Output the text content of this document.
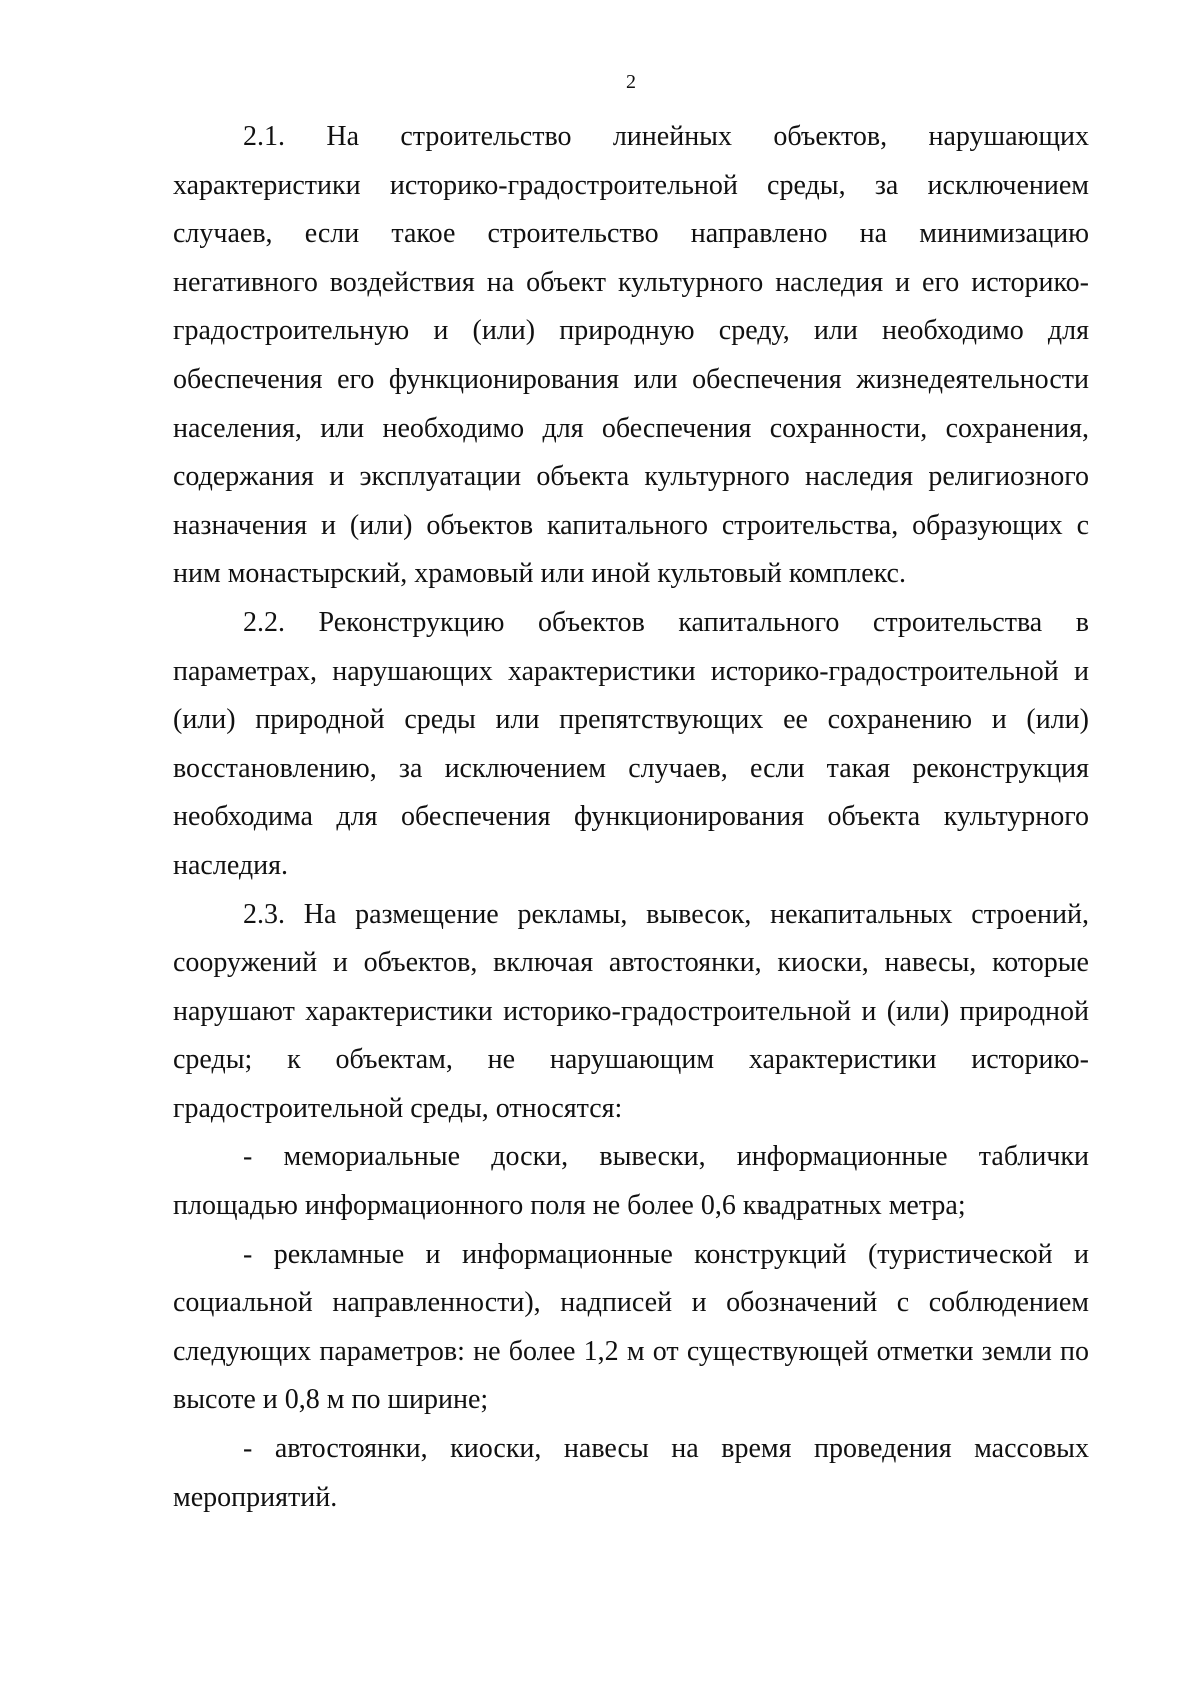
2

2.1. На строительство линейных объектов, нарушающих характеристики историко-градостроительной среды, за исключением случаев, если такое строительство направлено на минимизацию негативного воздействия на объект культурного наследия и его историко-градостроительную и (или) природную среду, или необходимо для обеспечения его функционирования или обеспечения жизнедеятельности населения, или необходимо для обеспечения сохранности, сохранения, содержания и эксплуатации объекта культурного наследия религиозного назначения и (или) объектов капитального строительства, образующих с ним монастырский, храмовый или иной культовый комплекс.

2.2. Реконструкцию объектов капитального строительства в параметрах, нарушающих характеристики историко-градостроительной и (или) природной среды или препятствующих ее сохранению и (или) восстановлению, за исключением случаев, если такая реконструкция необходима для обеспечения функционирования объекта культурного наследия.

2.3. На размещение рекламы, вывесок, некапитальных строений, сооружений и объектов, включая автостоянки, киоски, навесы, которые нарушают характеристики историко-градостроительной и (или) природной среды; к объектам, не нарушающим характеристики историко-градостроительной среды, относятся:

- мемориальные доски, вывески, информационные таблички площадью информационного поля не более 0,6 квадратных метра;

- рекламные и информационные конструкций (туристической и социальной направленности), надписей и обозначений с соблюдением следующих параметров: не более 1,2 м от существующей отметки земли по высоте и 0,8 м по ширине;

- автостоянки, киоски, навесы на время проведения массовых мероприятий.
